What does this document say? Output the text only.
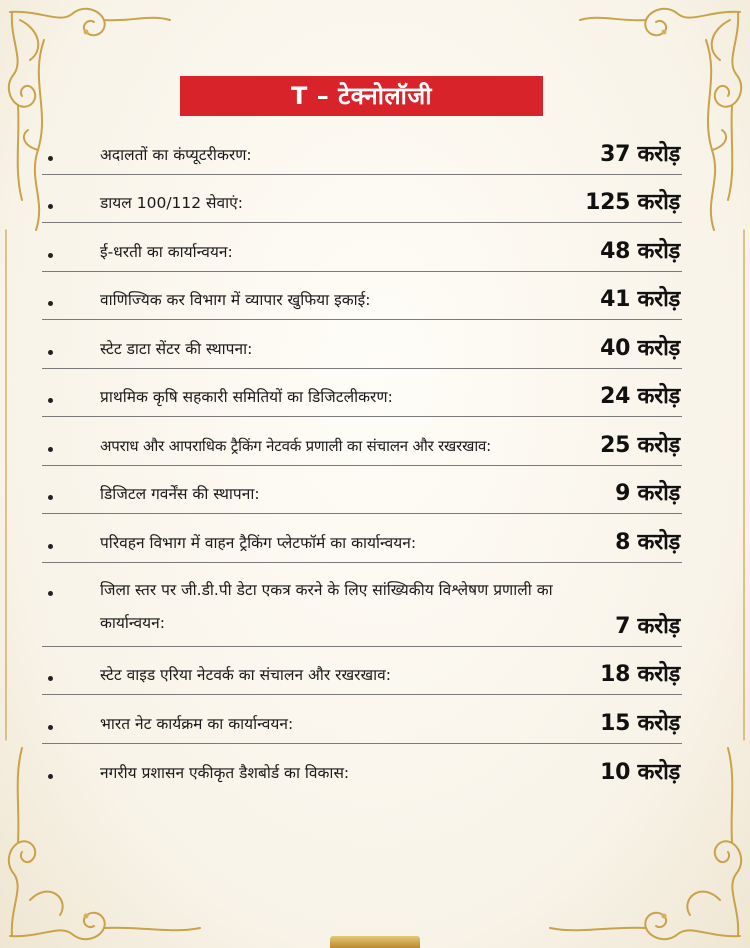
T – टेक्नोलॉजी
अदालतों का कंप्यूटरीकरण:	37 करोड़
डायल 100/112 सेवाएं:	125 करोड़
ई-धरती का कार्यान्वयन:	48 करोड़
वाणिज्यिक कर विभाग में व्यापार खुफिया इकाई:	41 करोड़
स्टेट डाटा सेंटर की स्थापना:	40 करोड़
प्राथमिक कृषि सहकारी समितियों का डिजिटलीकरण:	24 करोड़
अपराध और आपराधिक ट्रैकिंग नेटवर्क प्रणाली का संचालन और रखरखाव:	25 करोड़
डिजिटल गवर्नेंस की स्थापना:	9 करोड़
परिवहन विभाग में वाहन ट्रैकिंग प्लेटफॉर्म का कार्यान्वयन:	8 करोड़
जिला स्तर पर जी.डी.पी डेटा एकत्र करने के लिए सांख्यिकीय विश्लेषण प्रणाली का कार्यान्वयन:	7 करोड़
स्टेट वाइड एरिया नेटवर्क का संचालन और रखरखाव:	18 करोड़
भारत नेट कार्यक्रम का कार्यान्वयन:	15 करोड़
नगरीय प्रशासन एकीकृत डैशबोर्ड का विकास:	10 करोड़
